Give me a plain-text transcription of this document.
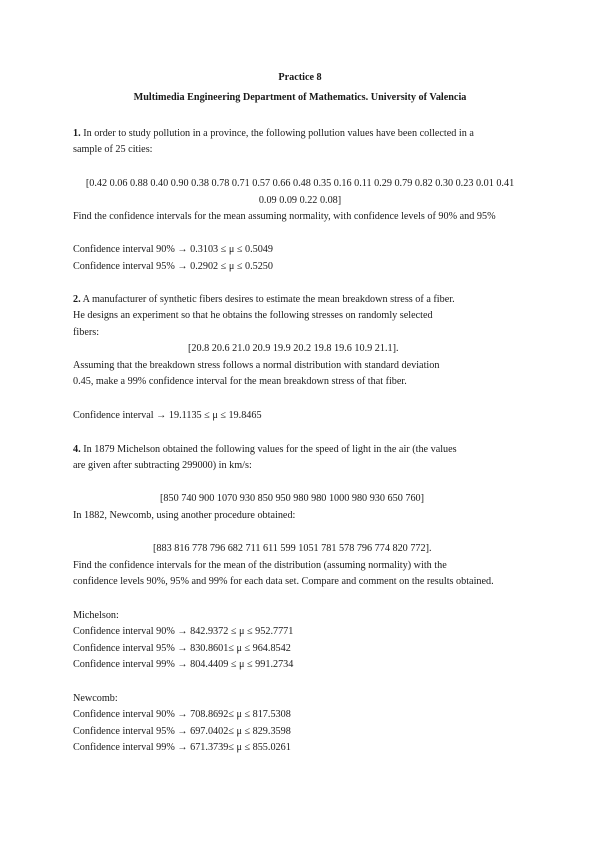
Practice 8
Multimedia Engineering Department of Mathematics. University of Valencia
1. In order to study pollution in a province, the following pollution values have been collected in a
sample of 25 cities:
[0.42 0.06 0.88 0.40 0.90 0.38 0.78 0.71 0.57 0.66 0.48 0.35 0.16 0.11 0.29 0.79 0.82 0.30 0.23 0.01 0.41
0.09 0.09 0.22 0.08]
Find the confidence intervals for the mean assuming normality, with confidence levels of 90% and 95%
Confidence interval 90% → 0.3103 ≤ μ ≤ 0.5049
Confidence interval 95% → 0.2902 ≤ μ ≤ 0.5250
2. A manufacturer of synthetic fibers desires to estimate the mean breakdown stress of a fiber.
He designs an experiment so that he obtains the following stresses on randomly selected
fibers:
[20.8 20.6 21.0 20.9 19.9 20.2 19.8 19.6 10.9 21.1].
Assuming that the breakdown stress follows a normal distribution with standard deviation
0.45, make a 99% confidence interval for the mean breakdown stress of that fiber.
Confidence interval → 19.1135 ≤ μ ≤ 19.8465
4. In 1879 Michelson obtained the following values for the speed of light in the air (the values
are given after subtracting 299000) in km/s:
[850 740 900 1070 930 850 950 980 980 1000 980 930 650 760]
In 1882, Newcomb, using another procedure obtained:
[883 816 778 796 682 711 611 599 1051 781 578 796 774 820 772].
Find the confidence intervals for the mean of the distribution (assuming normality) with the
confidence levels 90%, 95% and 99% for each data set. Compare and comment on the results obtained.
Michelson:
Confidence interval 90% → 842.9372 ≤ μ ≤ 952.7771
Confidence interval 95% → 830.8601≤ μ ≤ 964.8542
Confidence interval 99% → 804.4409 ≤ μ ≤ 991.2734
Newcomb:
Confidence interval 90% → 708.8692≤ μ ≤ 817.5308
Confidence interval 95% → 697.0402≤ μ ≤ 829.3598
Confidence interval 99% → 671.3739≤ μ ≤ 855.0261
